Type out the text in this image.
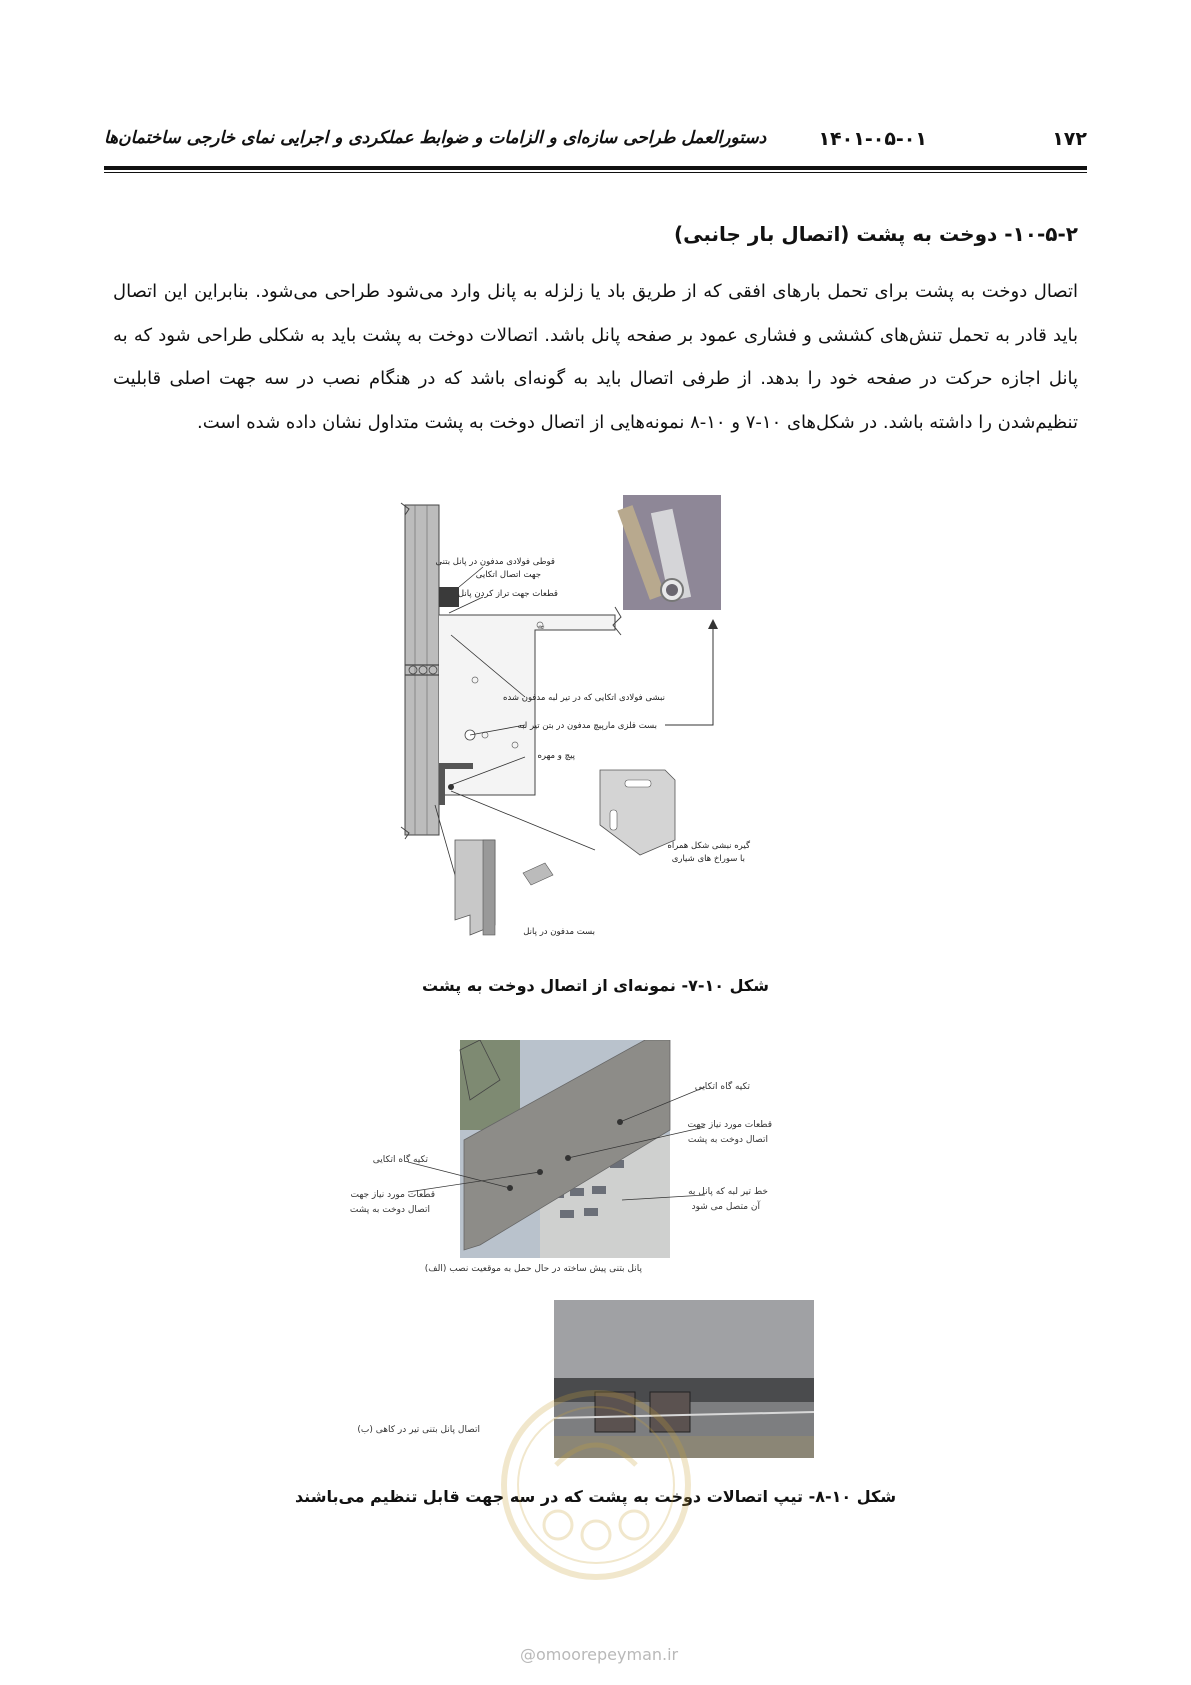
۱۷۲
۱۴۰۱-۰۵-۰۱
دستورالعمل طراحی سازه‌ای و الزامات و ضوابط عملکردی و اجرایی نمای خارجی ساختمان‌ها
۱۰-۵-۲- دوخت به پشت (اتصال بار جانبی)
اتصال دوخت به پشت برای تحمل بارهای افقی که از طریق باد یا زلزله به پانل وارد می‌شود طراحی می‌شود. بنابراین این اتصال باید قادر به تحمل تنش‌های کششی و فشاری عمود بر صفحه پانل باشد. اتصالات دوخت به پشت باید به شکلی طراحی شود که به پانل اجازه حرکت در صفحه خود را بدهد. از طرفی اتصال باید به گونه‌ای باشد که در هنگام نصب در سه جهت اصلی قابلیت تنظیم‌شدن را داشته باشد. در شکل‌های ۱۰-۷ و ۱۰-۸ نمونه‌هایی از اتصال دوخت به پشت متداول نشان داده شده است.
≈
قوطی فولادی مدفون در پانل بتنی
جهت اتصال اتکایی
قطعات جهت تراز کردن پانل
نبشی فولادی اتکایی که در تیر لبه مدفون شده
بست فلزی مارپیچ مدفون در بتن تیر لبه
پیچ و مهره
گیره نبشی شکل همراه
با سوراخ های شیاری
بست مدفون در پانل
شکل ۱۰-۷- نمونه‌ای از اتصال دوخت به پشت
تکیه گاه اتکایی
قطعات مورد نیاز جهت
اتصال دوخت به پشت
خط تیر لبه که پانل به
آن متصل می شود
تکیه گاه اتکایی
قطعات مورد نیاز جهت
اتصال دوخت به پشت
پانل بتنی پیش ساخته در حال حمل به موقعیت نصب (الف)
اتصال پانل بتنی تیر در کاهی (ب)
شکل ۱۰-۸- تیپ اتصالات دوخت به پشت که در سه جهت قابل تنظیم می‌باشند
@omoorepeyman.ir
